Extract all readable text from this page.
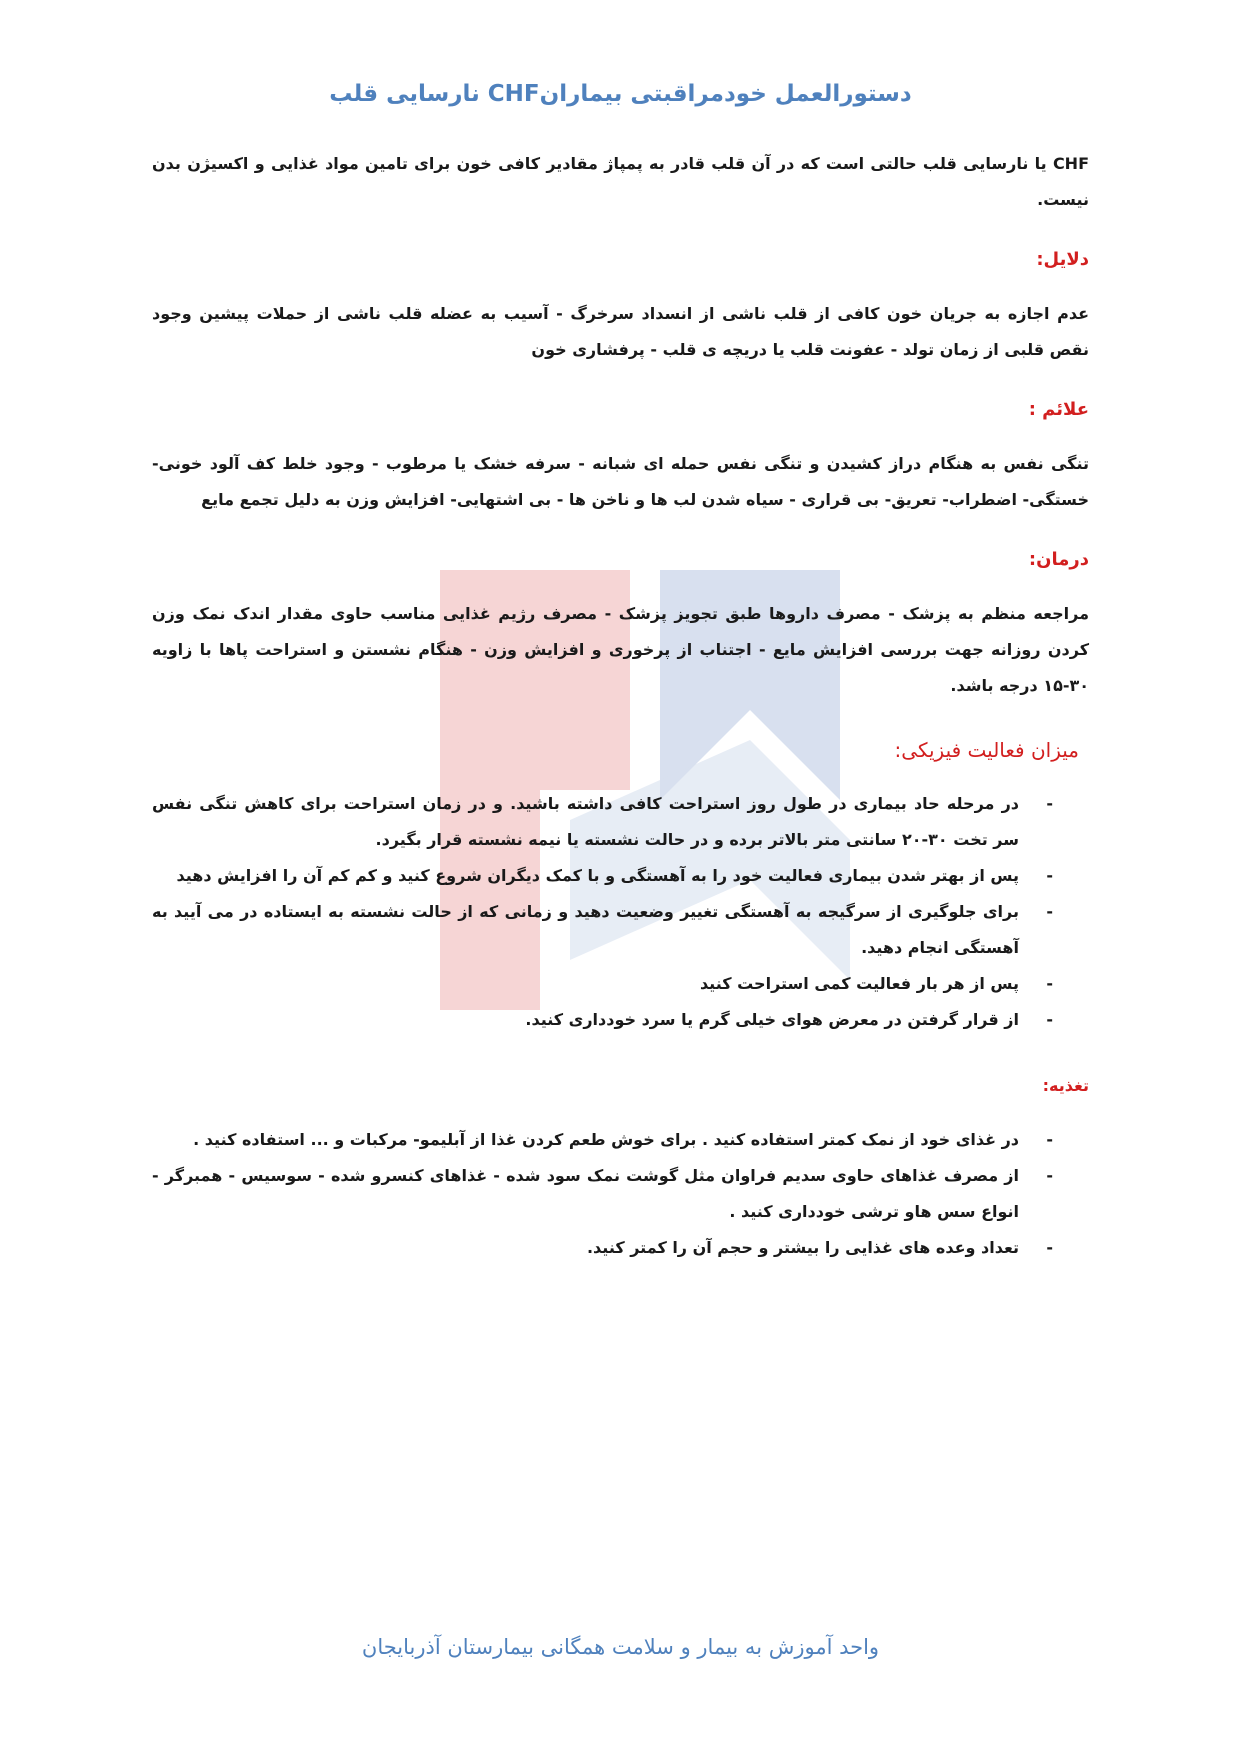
دستورالعمل خودمراقبتی بیمارانCHF نارسایی قلب

CHF یا نارسایی قلب حالتی است که در آن قلب قادر به پمپاژ مقادیر کافی خون برای تامین مواد غذایی و اکسیژن بدن نیست.

دلایل:

عدم اجازه به جریان خون کافی از قلب ناشی از انسداد سرخرگ - آسیب به عضله قلب ناشی از حملات پیشین وجود نقص قلبی از زمان تولد - عفونت قلب یا دریچه ی قلب - پرفشاری خون

علائم :

تنگی نفس به هنگام دراز کشیدن و تنگی نفس حمله ای شبانه - سرفه خشک یا مرطوب - وجود خلط کف آلود خونی- خستگی- اضطراب- تعریق- بی قراری - سیاه شدن لب ها و ناخن ها - بی اشتهایی- افزایش وزن به دلیل تجمع مایع

درمان:

مراجعه منظم به پزشک - مصرف داروها طبق تجویز پزشک - مصرف رژیم غذایی مناسب حاوی مقدار اندک نمک وزن کردن روزانه جهت بررسی افزایش مایع - اجتناب از پرخوری و افزایش وزن - هنگام نشستن و استراحت پاها با زاویه ۳۰-۱۵ درجه باشد.

میزان فعالیت فیزیکی:
-
در مرحله حاد بیماری در طول روز استراحت کافی داشته باشید. و در زمان استراحت برای کاهش تنگی نفس سر تخت ۳۰-۲۰ سانتی متر بالاتر برده و در حالت نشسته یا نیمه نشسته قرار بگیرد.
-
پس از بهتر شدن بیماری فعالیت خود را به آهستگی و با کمک دیگران شروع کنید و کم کم آن را افزایش دهید
-
برای جلوگیری از سرگیجه به آهستگی تغییر وضعیت دهید و زمانی که از حالت نشسته به ایستاده در می آیید به آهستگی انجام دهید.
-
پس از هر بار فعالیت کمی استراحت کنید
-
از قرار گرفتن در معرض هوای خیلی گرم یا سرد خودداری کنید.
تغذیه:
-
در غذای خود از نمک کمتر استفاده کنید . برای خوش طعم کردن غذا از آبلیمو- مرکبات و ... استفاده کنید .
-
از مصرف غذاهای حاوی سدیم فراوان مثل گوشت نمک سود شده - غذاهای کنسرو شده - سوسیس - همبرگر - انواع سس هاو ترشی خودداری کنید .
-
تعداد وعده های غذایی را بیشتر و حجم آن را کمتر کنید.
واحد آموزش به بیمار و سلامت همگانی بیمارستان آذربایجان
